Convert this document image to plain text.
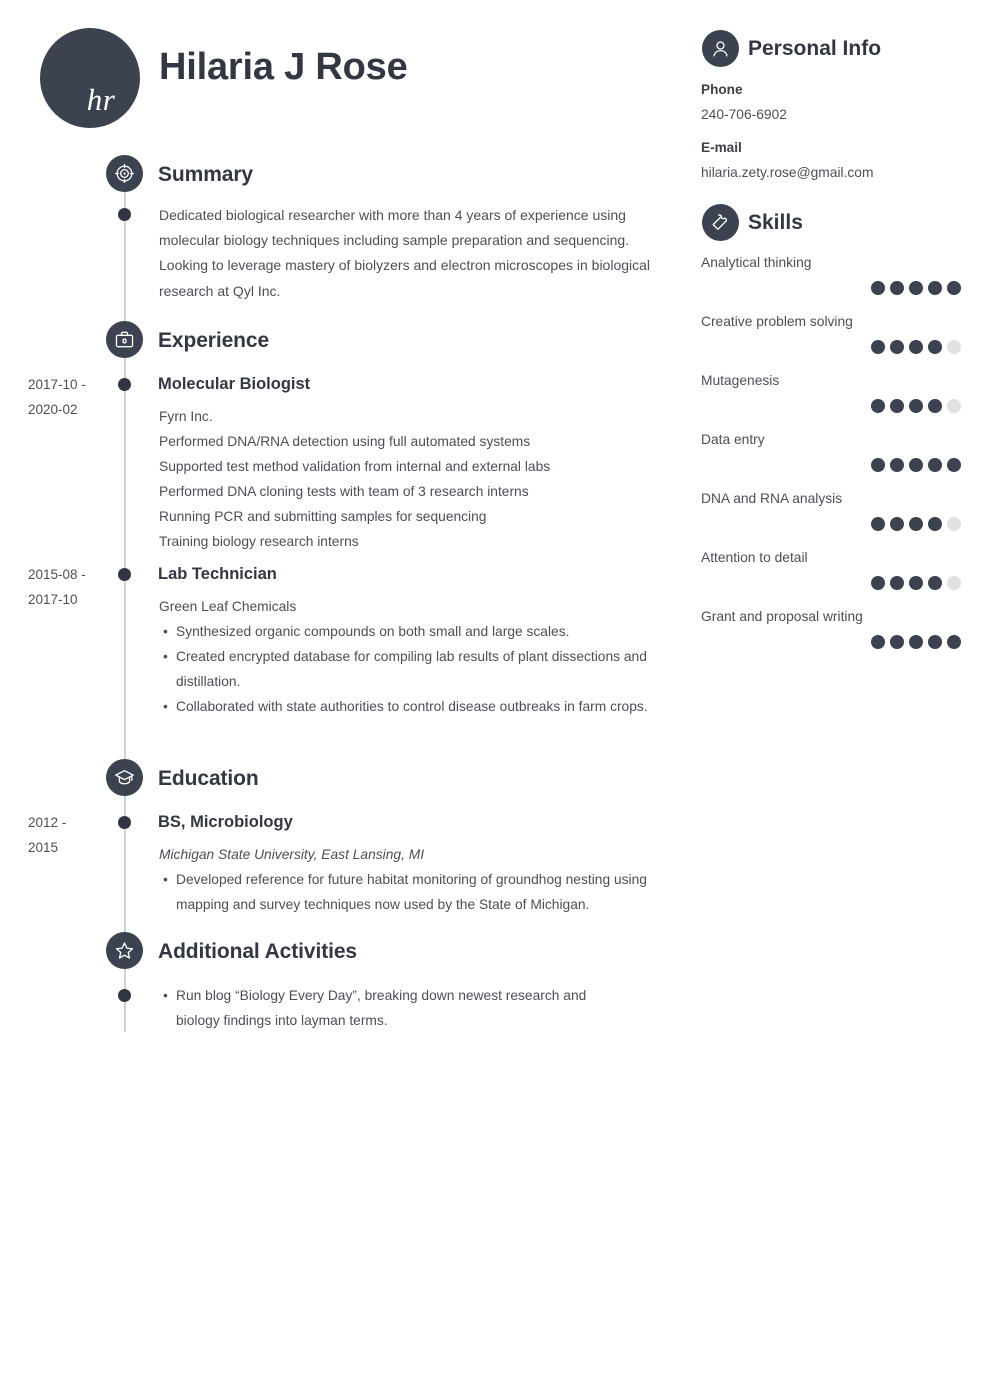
hr
Hilaria J Rose
Summary
Dedicated biological researcher with more than 4 years of experience using molecular biology techniques including sample preparation and sequencing. Looking to leverage mastery of biolyzers and electron microscopes in biological research at Qyl Inc.
Experience
2017-10 -
2020-02
Molecular Biologist
Fyrn Inc.
Performed DNA/RNA detection using full automated systems
Supported test method validation from internal and external labs
Performed DNA cloning tests with team of 3 research interns
Running PCR and submitting samples for sequencing
Training biology research interns
2015-08 -
2017-10
Lab Technician
Green Leaf Chemicals
• Synthesized organic compounds on both small and large scales.
• Created encrypted database for compiling lab results of plant dissections and distillation.
• Collaborated with state authorities to control disease outbreaks in farm crops.
Education
2012 -
2015
BS, Microbiology
Michigan State University, East Lansing, MI
• Developed reference for future habitat monitoring of groundhog nesting using mapping and survey techniques now used by the State of Michigan.
Additional Activities
• Run blog “Biology Every Day”, breaking down newest research and biology findings into layman terms.
Personal Info
Phone
240-706-6902
E-mail
hilaria.zety.rose@gmail.com
Skills
Analytical thinking
Creative problem solving
Mutagenesis
Data entry
DNA and RNA analysis
Attention to detail
Grant and proposal writing
